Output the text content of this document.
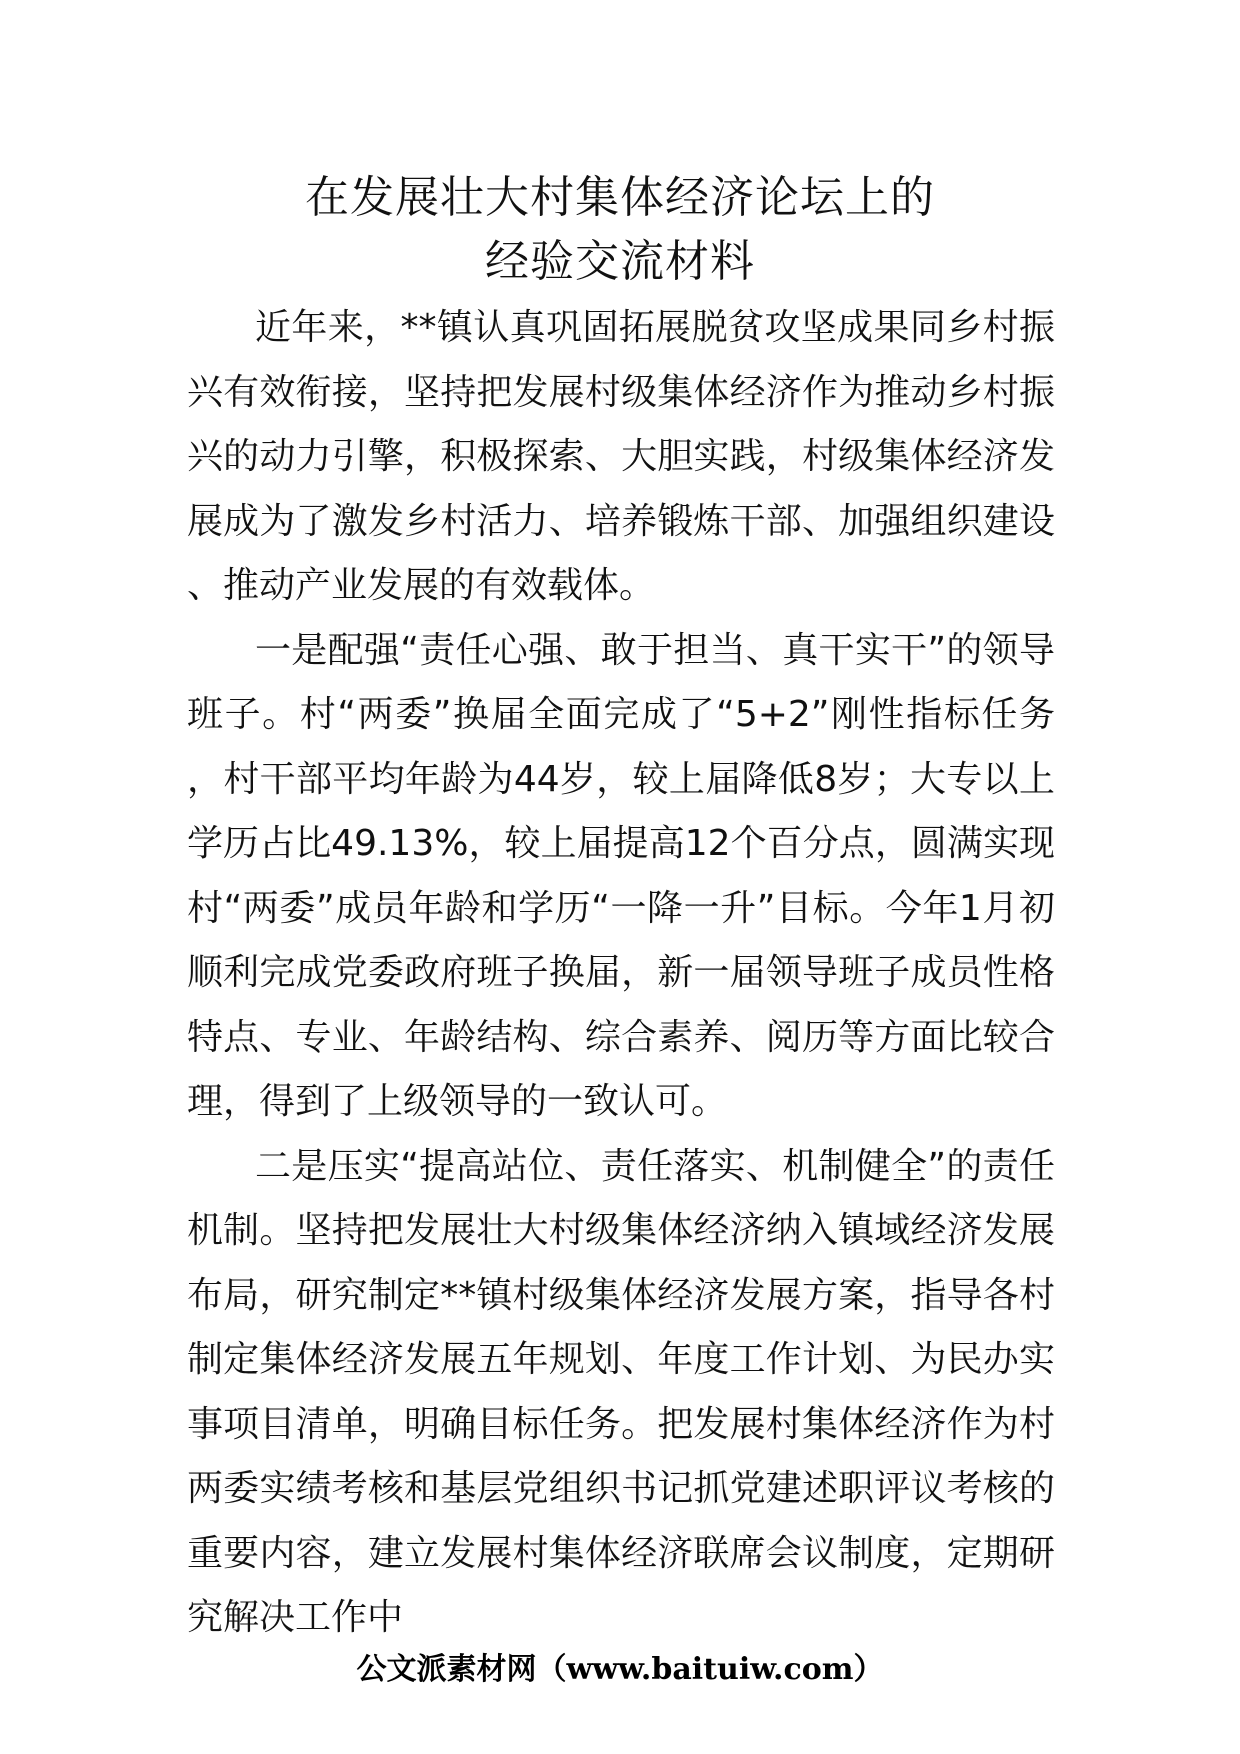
在发展壮大村集体经济论坛上的
经验交流材料

近年来，**镇认真巩固拓展脱贫攻坚成果同乡村振兴有效衔接，坚持把发展村级集体经济作为推动乡村振兴的动力引擎，积极探索、大胆实践，村级集体经济发展成为了激发乡村活力、培养锻炼干部、加强组织建设、推动产业发展的有效载体。

一是配强“责任心强、敢于担当、真干实干”的领导班子。村“两委”换届全面完成了“5+2”刚性指标任务，村干部平均年龄为44岁，较上届降低8岁；大专以上学历占比49.13%，较上届提高12个百分点，圆满实现村“两委”成员年龄和学历“一降一升”目标。今年1月初顺利完成党委政府班子换届，新一届领导班子成员性格特点、专业、年龄结构、综合素养、阅历等方面比较合理，得到了上级领导的一致认可。

二是压实“提高站位、责任落实、机制健全”的责任机制。坚持把发展壮大村级集体经济纳入镇域经济发展布局，研究制定**镇村级集体经济发展方案，指导各村制定集体经济发展五年规划、年度工作计划、为民办实事项目清单，明确目标任务。把发展村集体经济作为村两委实绩考核和基层党组织书记抓党建述职评议考核的重要内容，建立发展村集体经济联席会议制度，定期研究解决工作中

公文派素材网（www.baituiw.com）
